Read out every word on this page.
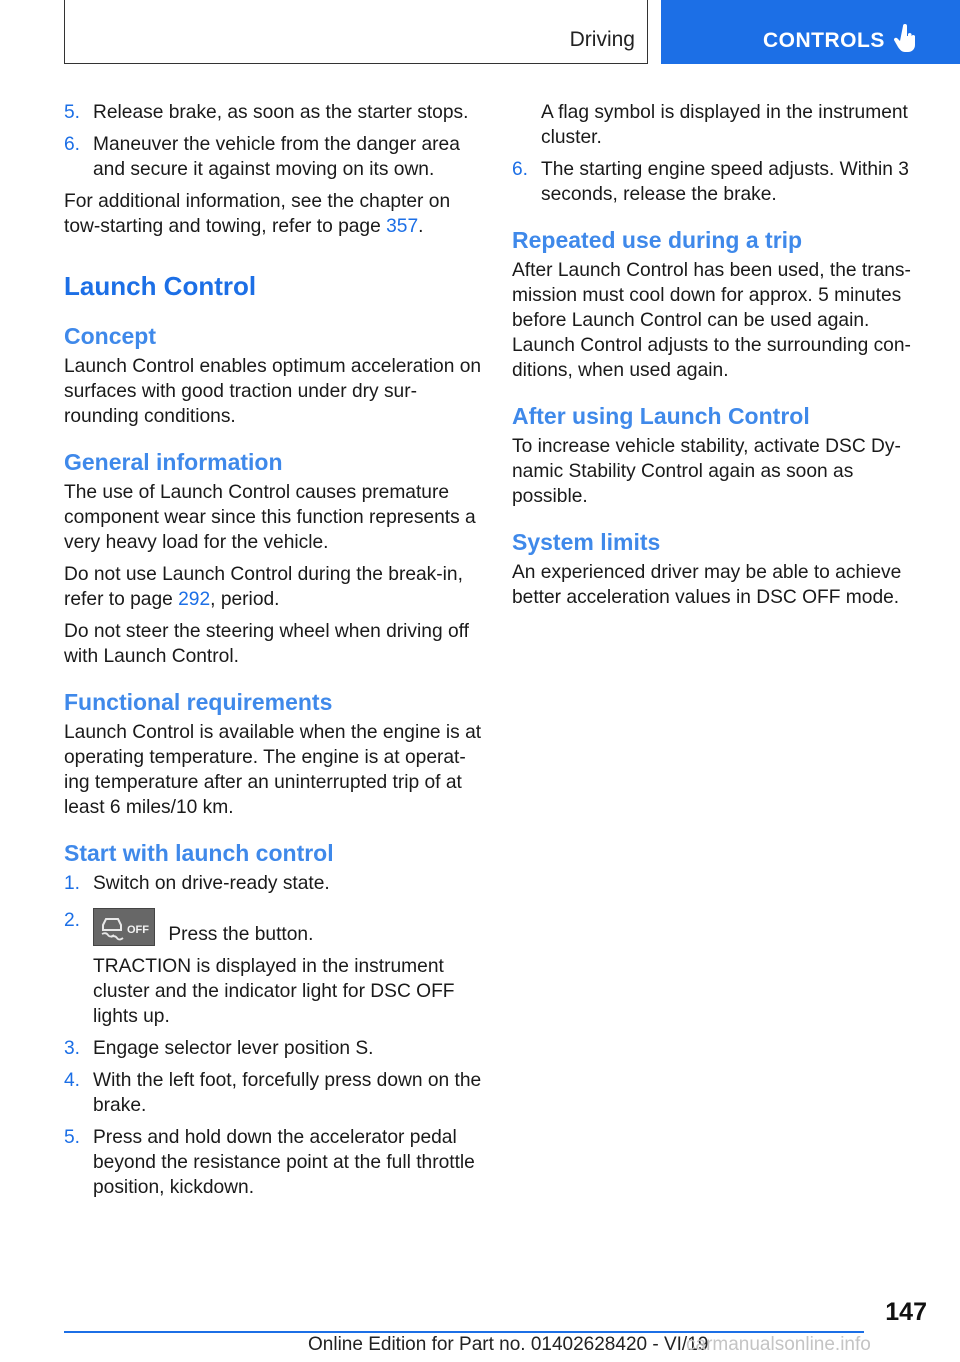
Driving	CONTROLS
5. Release brake, as soon as the starter stops.
6. Maneuver the vehicle from the danger area and secure it against moving on its own.

For additional information, see the chapter on tow-starting and towing, refer to page 357.

Launch Control
Concept

Launch Control enables optimum acceleration on surfaces with good traction under dry sur-rounding conditions.

General information

The use of Launch Control causes premature component wear since this function represents a very heavy load for the vehicle.

Do not use Launch Control during the break-in, refer to page 292, period.

Do not steer the steering wheel when driving off with Launch Control.

Functional requirements

Launch Control is available when the engine is at operating temperature. The engine is at operat-ing temperature after an uninterrupted trip of at least 6 miles/10 km.

Start with launch control
1. Switch on drive-ready state.
2.	OFF Press the button.

TRACTION is displayed in the instrument cluster and the indicator light for DSC OFF lights up.

3. Engage selector lever position S.
4. With the left foot, forcefully press down on the brake.
5. Press and hold down the accelerator pedal beyond the resistance point at the full throttle position, kickdown.

A flag symbol is displayed in the instrument cluster.

6. The starting engine speed adjusts. Within 3 seconds, release the brake.
Repeated use during a trip

After Launch Control has been used, the trans-mission must cool down for approx. 5 minutes before Launch Control can be used again. Launch Control adjusts to the surrounding con-ditions, when used again.

After using Launch Control

To increase vehicle stability, activate DSC Dy-namic Stability Control again as soon as possible.

System limits

An experienced driver may be able to achieve better acceleration values in DSC OFF mode.

147
Online Edition for Part no. 01402628420 - VI/19
carmanualsonline.info
